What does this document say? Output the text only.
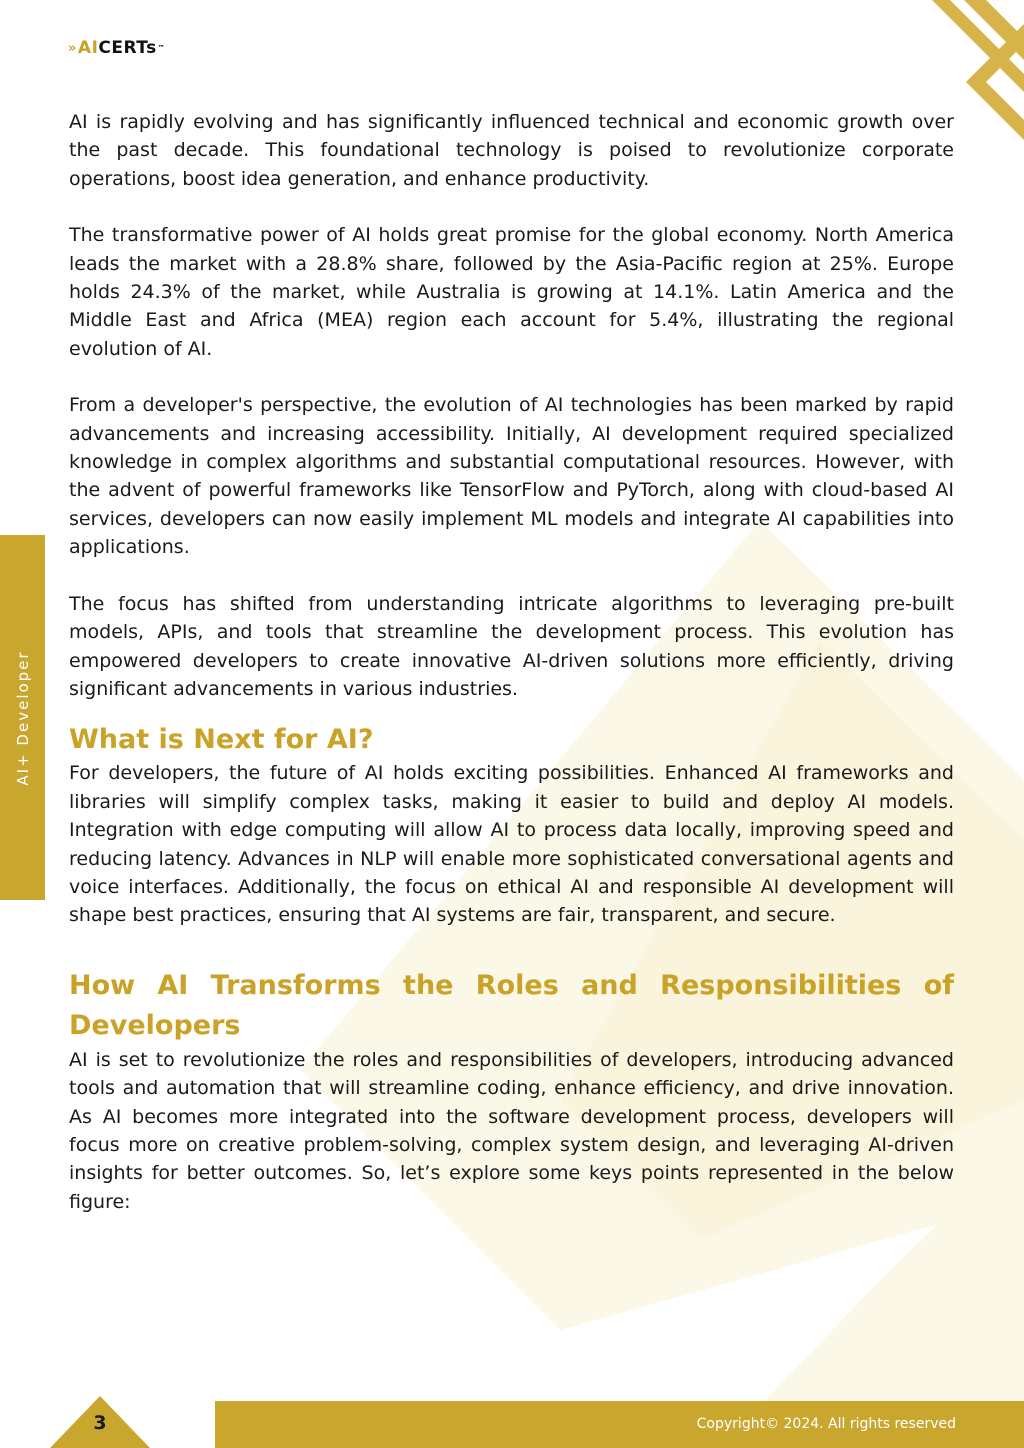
» AI CERTs ™
AI+ Developer

AI is rapidly evolving and has significantly influenced technical and economic growth over the past decade. This foundational technology is poised to revolutionize corporate operations, boost idea generation, and enhance productivity.

The transformative power of AI holds great promise for the global economy. North America leads the market with a 28.8% share, followed by the Asia-Pacific region at 25%. Europe holds 24.3% of the market, while Australia is growing at 14.1%. Latin America and the Middle East and Africa (MEA) region each account for 5.4%, illustrating the regional evolution of AI.

From a developer's perspective, the evolution of AI technologies has been marked by rapid advancements and increasing accessibility. Initially, AI development required specialized knowledge in complex algorithms and substantial computational resources. However, with the advent of powerful frameworks like TensorFlow and PyTorch, along with cloud-based AI services, developers can now easily implement ML models and integrate AI capabilities into applications.

The focus has shifted from understanding intricate algorithms to leveraging pre-built models, APIs, and tools that streamline the development process. This evolution has empowered developers to create innovative AI-driven solutions more efficiently, driving significant advancements in various industries.

What is Next for AI?

For developers, the future of AI holds exciting possibilities. Enhanced AI frameworks and libraries will simplify complex tasks, making it easier to build and deploy AI models. Integration with edge computing will allow AI to process data locally, improving speed and reducing latency. Advances in NLP will enable more sophisticated conversational agents and voice interfaces. Additionally, the focus on ethical AI and responsible AI development will shape best practices, ensuring that AI systems are fair, transparent, and secure.

How AI Transforms the Roles and Responsibilities of Developers

AI is set to revolutionize the roles and responsibilities of developers, introducing advanced tools and automation that will streamline coding, enhance efficiency, and drive innovation. As AI becomes more integrated into the software development process, developers will focus more on creative problem-solving, complex system design, and leveraging AI-driven insights for better outcomes. So, let’s explore some keys points represented in the below figure:

3	Copyright© 2024. All rights reserved
